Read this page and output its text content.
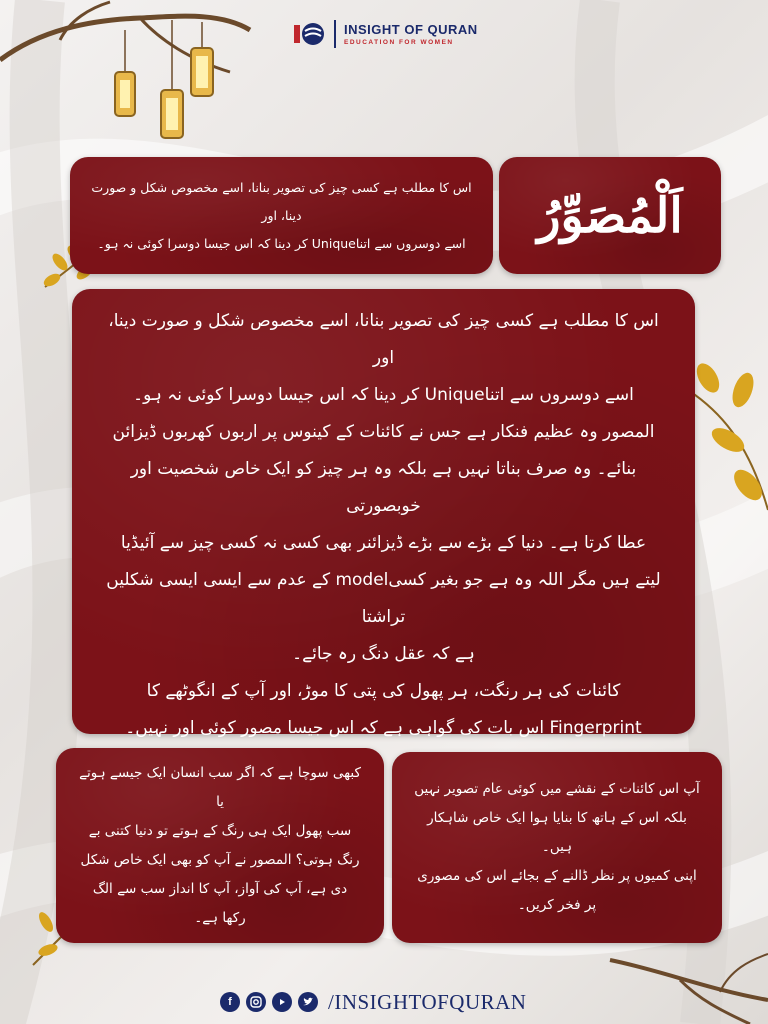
INSIGHT OF QURAN
EDUCATION FOR WOMEN
اَلْمُصَوِّرُ
اس کا مطلب ہے کسی چیز کی تصویر بنانا، اسے مخصوص شکل و صورت دینا، اور
اسے دوسروں سے اتناUnique کر دینا کہ اس جیسا دوسرا کوئی نہ ہو۔
اس کا مطلب ہے کسی چیز کی تصویر بنانا، اسے مخصوص شکل و صورت دینا، اور
اسے دوسروں سے اتناUnique کر دینا کہ اس جیسا دوسرا کوئی نہ ہو۔
المصور وہ عظیم فنکار ہے جس نے کائنات کے کینوس پر اربوں کھربوں ڈیزائن
بنائے۔ وہ صرف بناتا نہیں ہے بلکہ وہ ہر چیز کو ایک خاص شخصیت اور خوبصورتی
عطا کرتا ہے۔ دنیا کے بڑے سے بڑے ڈیزائنر بھی کسی نہ کسی چیز سے آئیڈیا
لیتے ہیں مگر اللہ وہ ہے جو بغیر کسیmodel کے عدم سے ایسی ایسی شکلیں تراشتا
ہے کہ عقل دنگ رہ جائے۔
کائنات کی ہر رنگت، ہر پھول کی پتی کا موڑ، اور آپ کے انگوٹھے کا
Fingerprint اس بات کی گواہی ہے کہ اس جیسا مصور کوئی اور نہیں۔
کبھی سوچا ہے کہ اگر سب انسان ایک جیسے ہوتے یا
سب پھول ایک ہی رنگ کے ہوتے تو دنیا کتنی بے
رنگ ہوتی؟ المصور نے آپ کو بھی ایک خاص شکل
دی ہے، آپ کی آواز، آپ کا انداز سب سے الگ
رکھا ہے۔
آپ اس کائنات کے نقشے میں کوئی عام تصویر نہیں
بلکہ اس کے ہاتھ کا بنایا ہوا ایک خاص شاہکار ہیں۔
اپنی کمیوں پر نظر ڈالنے کے بجائے اس کی مصوری
پر فخر کریں۔
f	/INSIGHTOFQURAN
